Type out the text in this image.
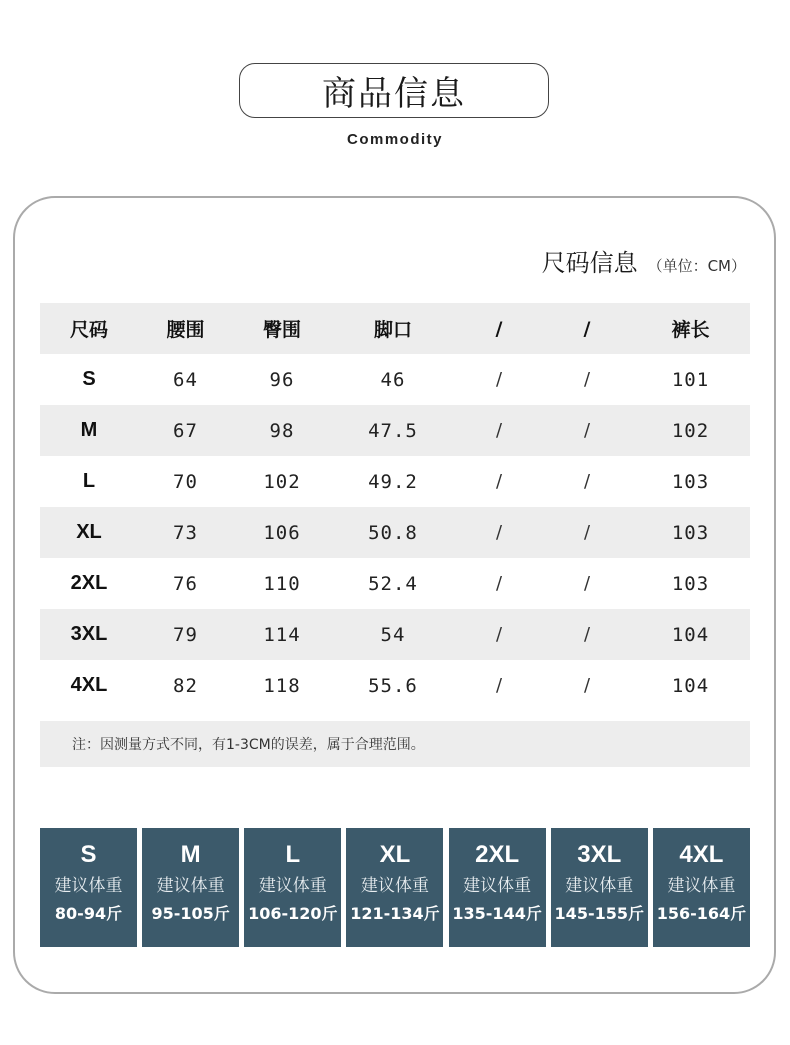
商品信息
Commodity
尺码信息 （单位：CM）
尺码	腰围	臀围	脚口	/	/	裤长
S	64	96	46	/	/	101
M	67	98	47.5	/	/	102
L	70	102	49.2	/	/	103
XL	73	106	50.8	/	/	103
2XL	76	110	52.4	/	/	103
3XL	79	114	54	/	/	104
4XL	82	118	55.6	/	/	104
注：因测量方式不同，有1-3CM的误差，属于合理范围。
S
建议体重
80-94斤
M
建议体重
95-105斤
L
建议体重
106-120斤
XL
建议体重
121-134斤
2XL
建议体重
135-144斤
3XL
建议体重
145-155斤
4XL
建议体重
156-164斤
